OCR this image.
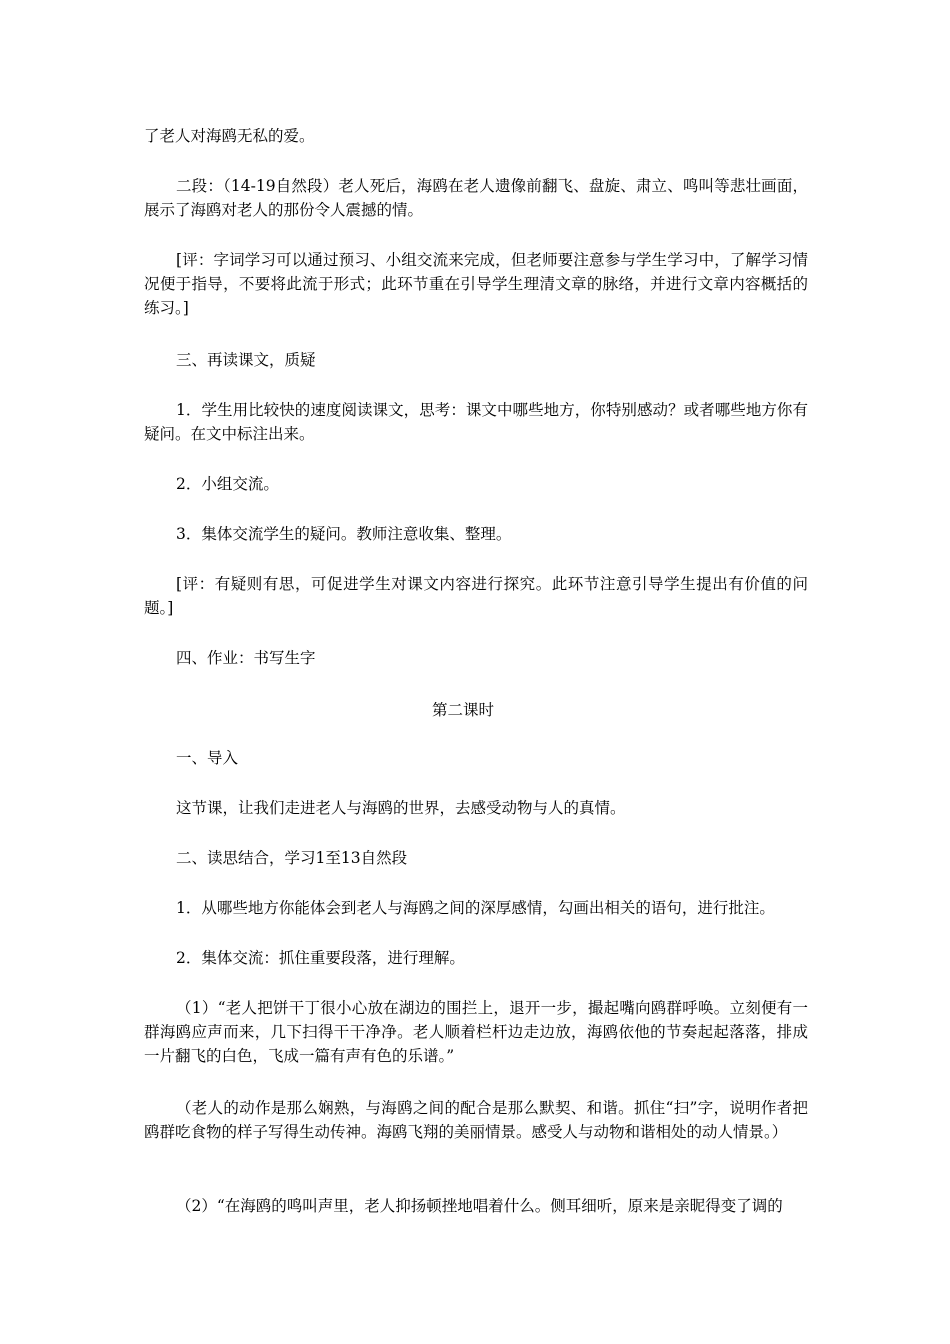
了老人对海鸥无私的爱。

二段：（14-19自然段）老人死后，海鸥在老人遗像前翻飞、盘旋、肃立、鸣叫等悲壮画面，展示了海鸥对老人的那份令人震撼的情。

[评：字词学习可以通过预习、小组交流来完成，但老师要注意参与学生学习中，了解学习情况便于指导，不要将此流于形式；此环节重在引导学生理清文章的脉络，并进行文章内容概括的练习。]

三、再读课文，质疑

1．学生用比较快的速度阅读课文，思考：课文中哪些地方，你特别感动？或者哪些地方你有疑问。在文中标注出来。

2．小组交流。

3．集体交流学生的疑问。教师注意收集、整理。

[评：有疑则有思，可促进学生对课文内容进行探究。此环节注意引导学生提出有价值的问题。]

四、作业：书写生字

第二课时

一、导入

这节课，让我们走进老人与海鸥的世界，去感受动物与人的真情。

二、读思结合，学习1至13自然段

1．从哪些地方你能体会到老人与海鸥之间的深厚感情，勾画出相关的语句，进行批注。

2．集体交流：抓住重要段落，进行理解。

（1）“老人把饼干丁很小心放在湖边的围拦上，退开一步，撮起嘴向鸥群呼唤。立刻便有一群海鸥应声而来，几下扫得干干净净。老人顺着栏杆边走边放，海鸥依他的节奏起起落落，排成一片翻飞的白色，飞成一篇有声有色的乐谱。”

（老人的动作是那么娴熟，与海鸥之间的配合是那么默契、和谐。抓住“扫”字，说明作者把鸥群吃食物的样子写得生动传神。海鸥飞翔的美丽情景。感受人与动物和谐相处的动人情景。）

（2）“在海鸥的鸣叫声里，老人抑扬顿挫地唱着什么。侧耳细听，原来是亲昵得变了调的
